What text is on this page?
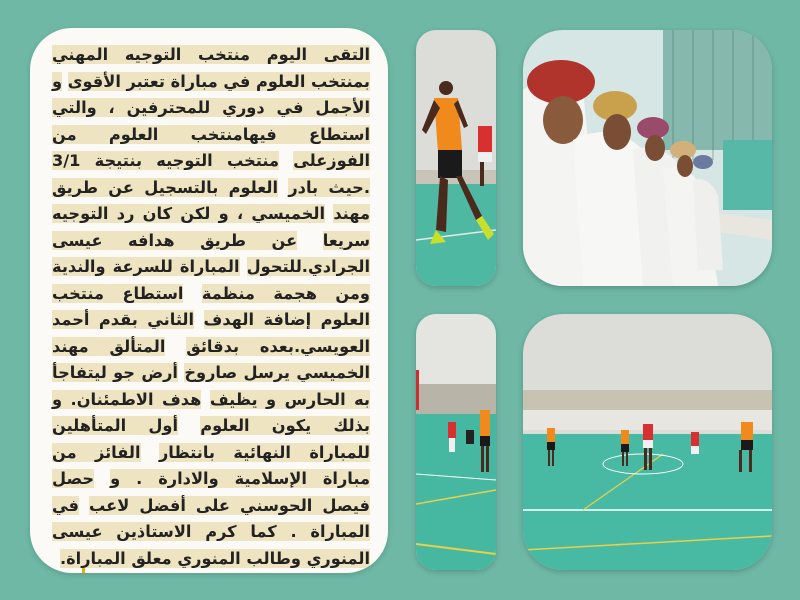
التقى اليوم منتخب التوجيه المهني بمنتخب العلوم في مباراة تعتبر الأقوى و الأجمل في دوري للمحترفين ، والتي استطاع فيهامنتخب العلوم من الفوزعلى منتخب التوجيه بنتيجة 3/1 .حيث بادر العلوم بالتسجيل عن طريق مهند الخميسي ، و لكن كان رد التوجيه سريعا عن طريق هدافه عيسى الجرادي.للتحول المباراة للسرعة والندية ومن هجمة منظمة استطاع منتخب العلوم إضافة الهدف الثاني بقدم أحمد العويسي.بعده بدقائق المتألق مهند الخميسي يرسل صاروخ أرض جو ليتفاجأ به الحارس و يظيف هدف الاطمئنان. و بذلك يكون العلوم أول المتأهلين للمباراة النهائية بانتظار الفائز من مباراة الإسلامية والادارة . و حصل فيصل الحوسني على أفضل لاعب في المباراة . كما كرم الاستاذين عيسى المنوري وطالب المنوري معلق المباراة.
